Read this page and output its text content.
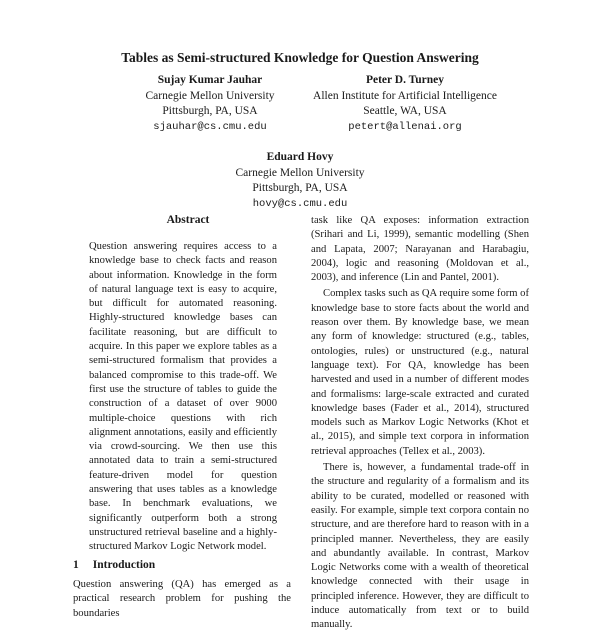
Tables as Semi-structured Knowledge for Question Answering
Sujay Kumar Jauhar
Carnegie Mellon University
Pittsburgh, PA, USA
sjauhar@cs.cmu.edu
Peter D. Turney
Allen Institute for Artificial Intelligence
Seattle, WA, USA
petert@allenai.org
Eduard Hovy
Carnegie Mellon University
Pittsburgh, PA, USA
hovy@cs.cmu.edu
Abstract

Question answering requires access to a knowledge base to check facts and reason about information. Knowledge in the form of natural language text is easy to acquire, but difficult for automated reasoning. Highly-structured knowledge bases can facilitate reasoning, but are difficult to acquire. In this paper we explore tables as a semi-structured formalism that provides a balanced compromise to this trade-off. We first use the structure of tables to guide the construction of a dataset of over 9000 multiple-choice questions with rich alignment annotations, easily and efficiently via crowd-sourcing. We then use this annotated data to train a semi-structured feature-driven model for question answering that uses tables as a knowledge base. In benchmark evaluations, we significantly outperform both a strong unstructured retrieval baseline and a highly-structured Markov Logic Network model.

1 Introduction

Question answering (QA) has emerged as a practical research problem for pushing the boundaries

task like QA exposes: information extraction (Srihari and Li, 1999), semantic modelling (Shen and Lapata, 2007; Narayanan and Harabagiu, 2004), logic and reasoning (Moldovan et al., 2003), and inference (Lin and Pantel, 2001).

Complex tasks such as QA require some form of knowledge base to store facts about the world and reason over them. By knowledge base, we mean any form of knowledge: structured (e.g., tables, ontologies, rules) or unstructured (e.g., natural language text). For QA, knowledge has been harvested and used in a number of different modes and formalisms: large-scale extracted and curated knowledge bases (Fader et al., 2014), structured models such as Markov Logic Networks (Khot et al., 2015), and simple text corpora in information retrieval approaches (Tellex et al., 2003).

There is, however, a fundamental trade-off in the structure and regularity of a formalism and its ability to be curated, modelled or reasoned with easily. For example, simple text corpora contain no structure, and are therefore hard to reason with in a principled manner. Nevertheless, they are easily and abundantly available. In contrast, Markov Logic Networks come with a wealth of theoretical knowledge connected with their usage in principled inference. However, they are difficult to induce automatically from text or to build manually.
